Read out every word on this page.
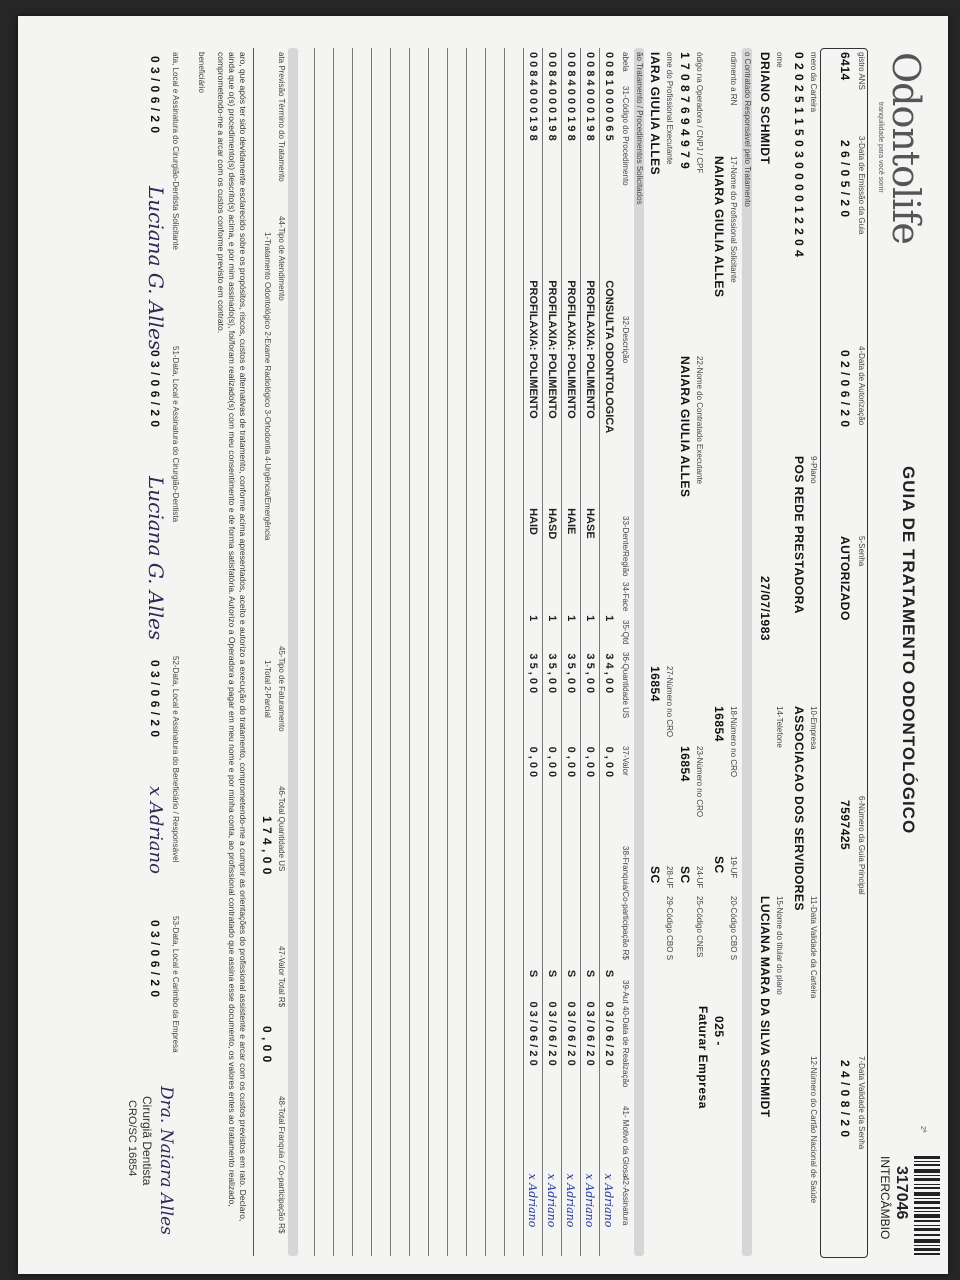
Odontolife
tranquilidade para você sorrir
GUIA DE TRATAMENTO ODONTOLÓGICO
2ª
317046
INTERCÂMBIO
gistro ANS
6414
3-Data de Emissão da Guia
2 6 / 0 5 / 2 0
4-Data de Autorização
0 2 / 0 6 / 2 0
5-Senha
AUTORIZADO
6-Número da Guia Principal
7597425
7-Data Validade da Senha
2 4 / 0 8 / 2 0
mero da Carteira
0 2 0 2 5 1 1 5 0 3 0 0 0 0 1 2 2 0 4
9-Plano
POS REDE PRESTADORA
10-Empresa
ASSOCIACAO DOS SERVIDORES
11-Data Validade da Carteira
12-Número do Cartão Nacional de Saúde
ome
DRIANO SCHMIDT
27/07/1983
14-Telefone
15-Nome do titular do plano
LUCIANA MARA DA SILVA SCHMIDT
o Contratado Responsável pelo Tratamento
ndimento a RN
17-Nome do Profissional Solicitante
NAIARA GIULIA ALLES
18-Número no CRO
16854
19-UF
SC
20-Código CBO S
025 -
Faturar Empresa
ódigo na Operadora / CNPJ / CPF
1 7 0 8 7 6 9 4 9 7 9
22-Nome do Contratado Executante
NAIARA GIULIA ALLES
23-Número no CRO
16854
24-UF
SC
25-Código CNES
ome do Profissional Executante
IARA GIULIA ALLES
27-Número no CRO
16854
28-UF
SC
29-Código CBO S
ão Tratamento / Procedimentos Solicitados
abela
31-Código do Procedimento
32-Descrição
33-Dente/Região
34-Face
35-Qtd
36-Quantidade US
37-Valor
38-Franquia/Co-participação R$
39-Aut
40-Data de Realização
41- Motivo da Glosa
42-Assinatura
0 0 8 1 0 0 0 0 6 5	CONSULTA ODONTOLOGICA			1	3 4 , 0 0	0 , 0 0		S	0 3 / 0 6 / 2 0		x Adriano
0 0 8 4 0 0 0 1 9 8	PROFILAXIA: POLIMENTO	HASE		1	3 5 , 0 0	0 , 0 0		S	0 3 / 0 6 / 2 0		x Adriano
0 0 8 4 0 0 0 1 9 8	PROFILAXIA: POLIMENTO	HAIE		1	3 5 , 0 0	0 , 0 0		S	0 3 / 0 6 / 2 0		x Adriano
0 0 8 4 0 0 0 1 9 8	PROFILAXIA: POLIMENTO	HASD		1	3 5 , 0 0	0 , 0 0		S	0 3 / 0 6 / 2 0		x Adriano
0 0 8 4 0 0 0 1 9 8	PROFILAXIA: POLIMENTO	HAID		1	3 5 , 0 0	0 , 0 0		S	0 3 / 0 6 / 2 0		x Adriano

ata Previsão Término do Tratamento
44-Tipo de Atendimento
1-Tratamento Odontológico 2-Exame Radiológico 3-Ortodontia 4-Urgência/Emergência
45-Tipo de Faturamento
1-Total 2-Parcial
46-Total Quantidade US
1 7 4 , 0 0
47-Valor Total R$
0 , 0 0
48-Total Franquia / Co-participação R$
aro, que após ter sido devidamente esclarecido sobre os propósitos, riscos, custos e alternativas de tratamento, conforme acima apresentados, aceito e autorizo a execução do tratamento, comprometendo-me a cumprir as orientações do profissional assistente e arcar com os custos previstos em rato. Declaro, ainda que o(s) procedimento(s) descrito(s) acima, e por mim assinado(s), foi/foram realizado(s) com meu consentimento e de forma satisfatória. Autorizo a Operadora a pagar em meu nome e por minha conta, ao profissional contratado que assina esse documento, os valores entes ao tratamento realizado, comprometendo-me a arcar com os custos conforme previsto em contrato.
beneficiário
ata, Local e Assinatura do Cirurgião-Dentista Solicitante
0 3 / 0 6 / 2 0
Luciana G. Alles
51-Data, Local e Assinatura do Cirurgião-Dentista
0 3 / 0 6 / 2 0
Luciana G. Alles
52-Data, Local e Assinatura do Beneficiário / Responsável
0 3 / 0 6 / 2 0
x Adriano
53-Data, Local e Carimbo da Empresa
0 3 / 0 6 / 2 0
Dra. Naiara Alles
Cirurgiã Dentista
CRO/SC 16854
